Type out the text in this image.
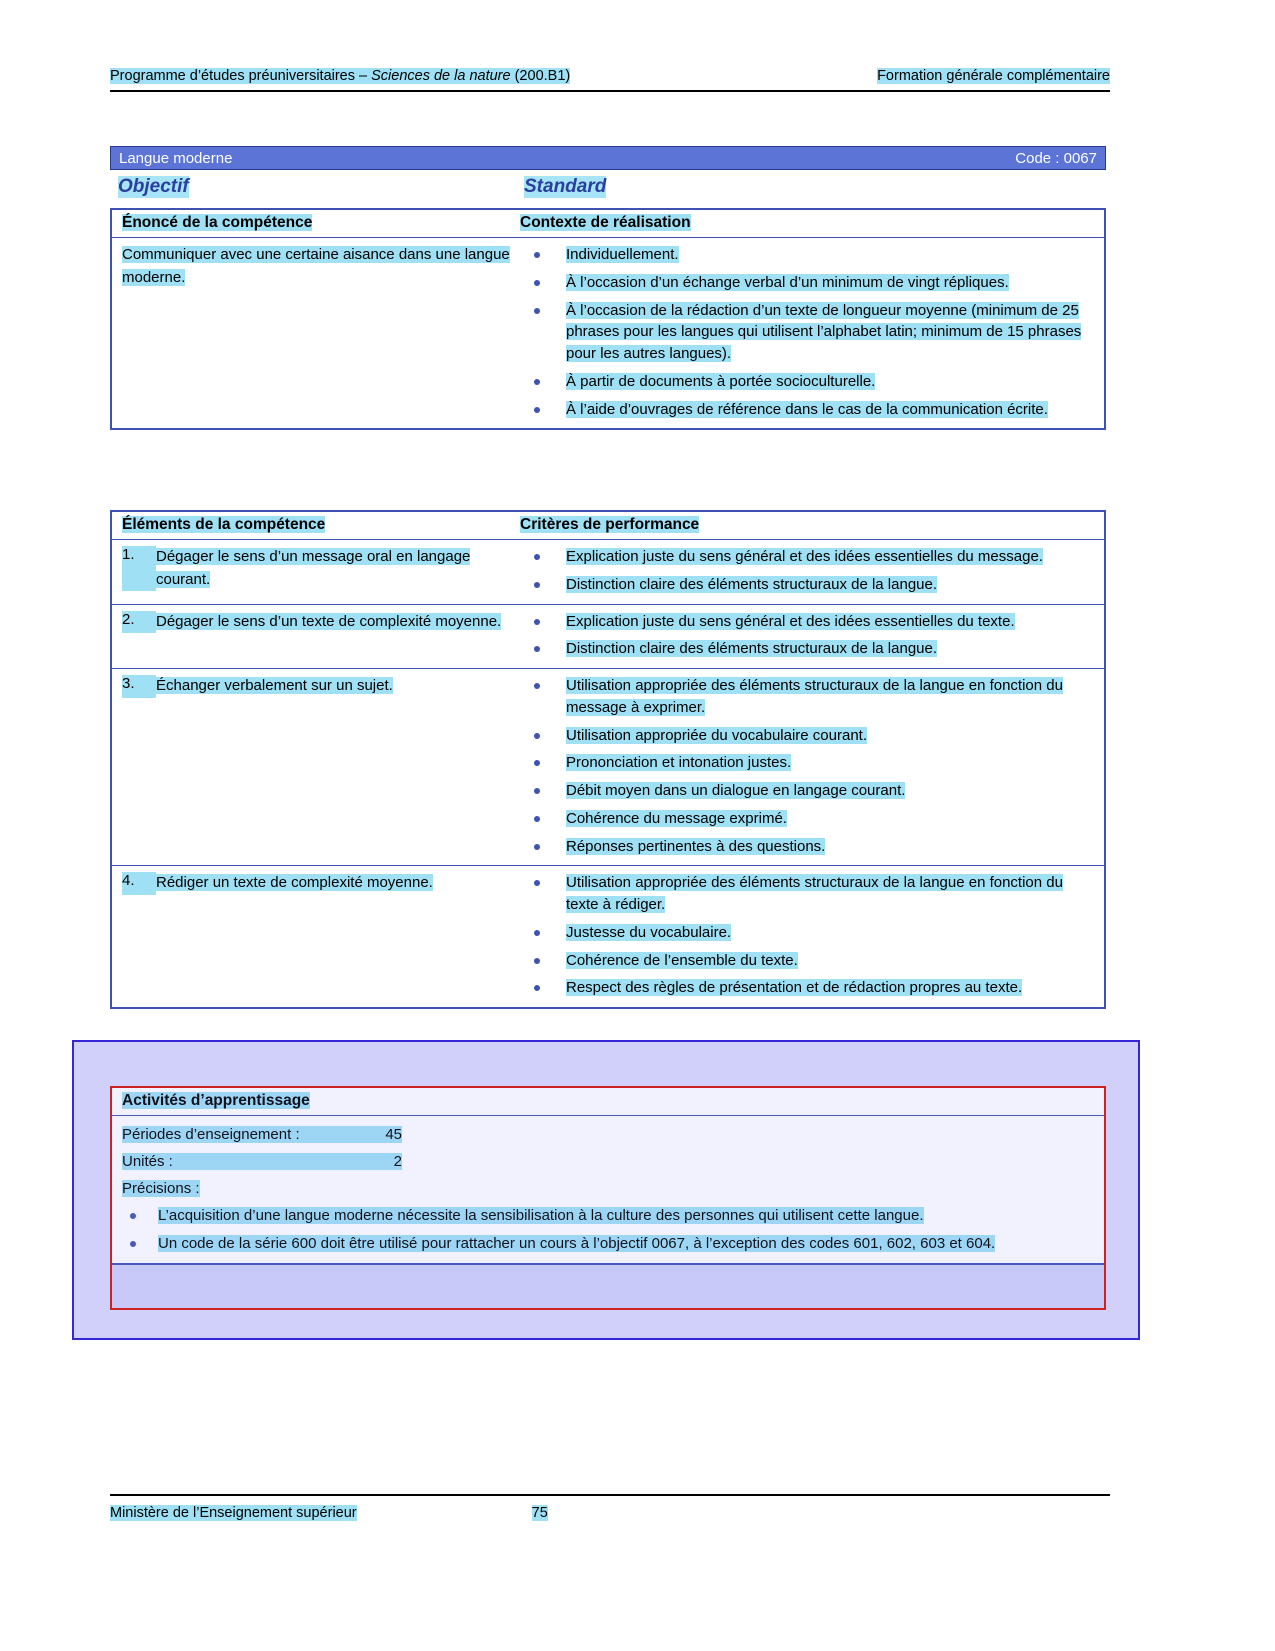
Programme d’études préuniversitaires – Sciences de la nature (200.B1)	Formation générale complémentaire
Langue moderne	Code : 0067
Objectif	Standard
Énoncé de la compétence	Contexte de réalisation
Communiquer avec une certaine aisance dans une langue moderne.
Individuellement.
À l’occasion d’un échange verbal d’un minimum de vingt répliques.
À l’occasion de la rédaction d’un texte de longueur moyenne (minimum de 25 phrases pour les langues qui utilisent l’alphabet latin; minimum de 15 phrases pour les autres langues).
À partir de documents à portée socioculturelle.
À l’aide d’ouvrages de référence dans le cas de la communication écrite.
Éléments de la compétence	Critères de performance
1.	Dégager le sens d’un message oral en langage courant.
Explication juste du sens général et des idées essentielles du message.
Distinction claire des éléments structuraux de la langue.
2.	Dégager le sens d’un texte de complexité moyenne.	Explication juste du sens général et des idées essentielles du texte.
Distinction claire des éléments structuraux de la langue.
3.	Échanger verbalement sur un sujet.	Utilisation appropriée des éléments structuraux de la langue en fonction du message à exprimer.
Utilisation appropriée du vocabulaire courant.
Prononciation et intonation justes.
Débit moyen dans un dialogue en langage courant.
Cohérence du message exprimé.
Réponses pertinentes à des questions.
4.	Rédiger un texte de complexité moyenne.	Utilisation appropriée des éléments structuraux de la langue en fonction du texte à rédiger.
Justesse du vocabulaire.
Cohérence de l’ensemble du texte.
Respect des règles de présentation et de rédaction propres au texte.
Activités d’apprentissage
Périodes d’enseignement :	45
Unités :	2
Précisions :
L’acquisition d’une langue moderne nécessite la sensibilisation à la culture des personnes qui utilisent cette langue.
Un code de la série 600 doit être utilisé pour rattacher un cours à l’objectif 0067, à l’exception des codes 601, 602, 603 et 604.
Ministère de l’Enseignement supérieur	75
